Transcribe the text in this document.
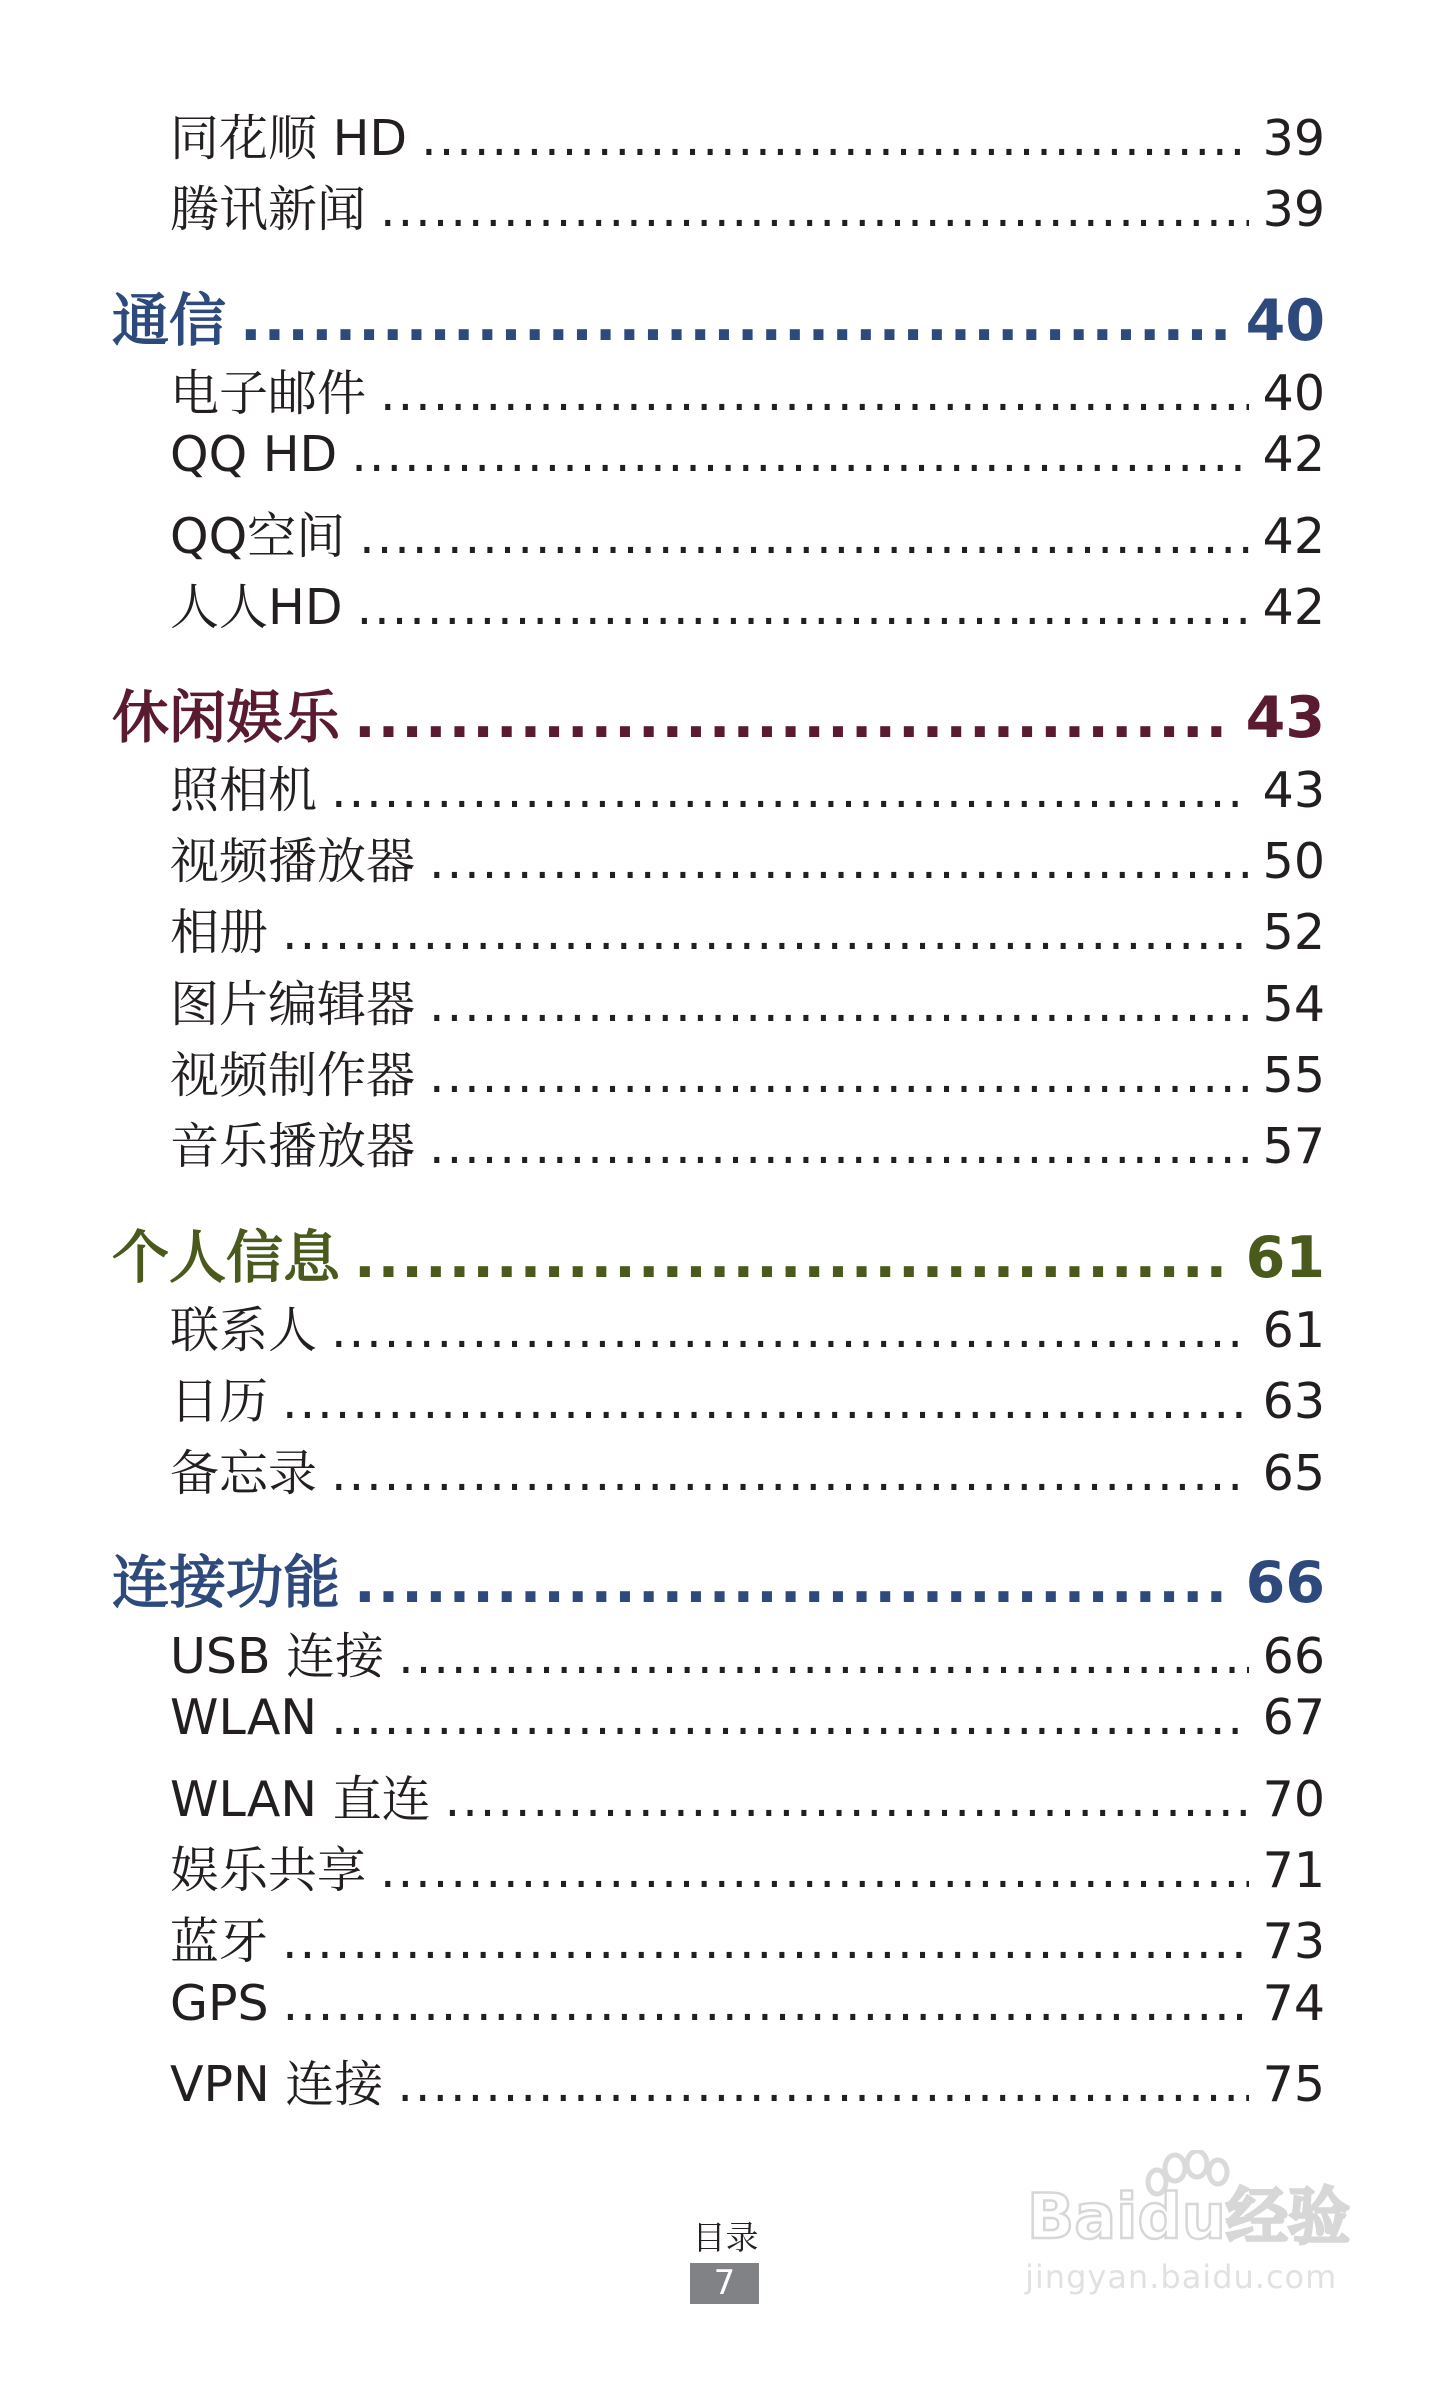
同花顺 HD .....	39
腾讯新闻 .....	39
通信 .....	40
电子邮件 .....	40
QQ HD .....	42
QQ空间 .....	42
人人HD .....	42
休闲娱乐 .....	43
照相机 .....	43
视频播放器 .....	50
相册 .....	52
图片编辑器 .....	54
视频制作器 .....	55
音乐播放器 .....	57
个人信息 .....	61
联系人 .....	61
日历 .....	63
备忘录 .....	65
连接功能 .....	66
USB 连接 .....	66
WLAN .....	67
WLAN 直连 .....	70
娱乐共享 .....	71
蓝牙 .....	73
GPS .....	74
VPN 连接 .....	75
目录
7
Baidu经验
jingyan.baidu.com
